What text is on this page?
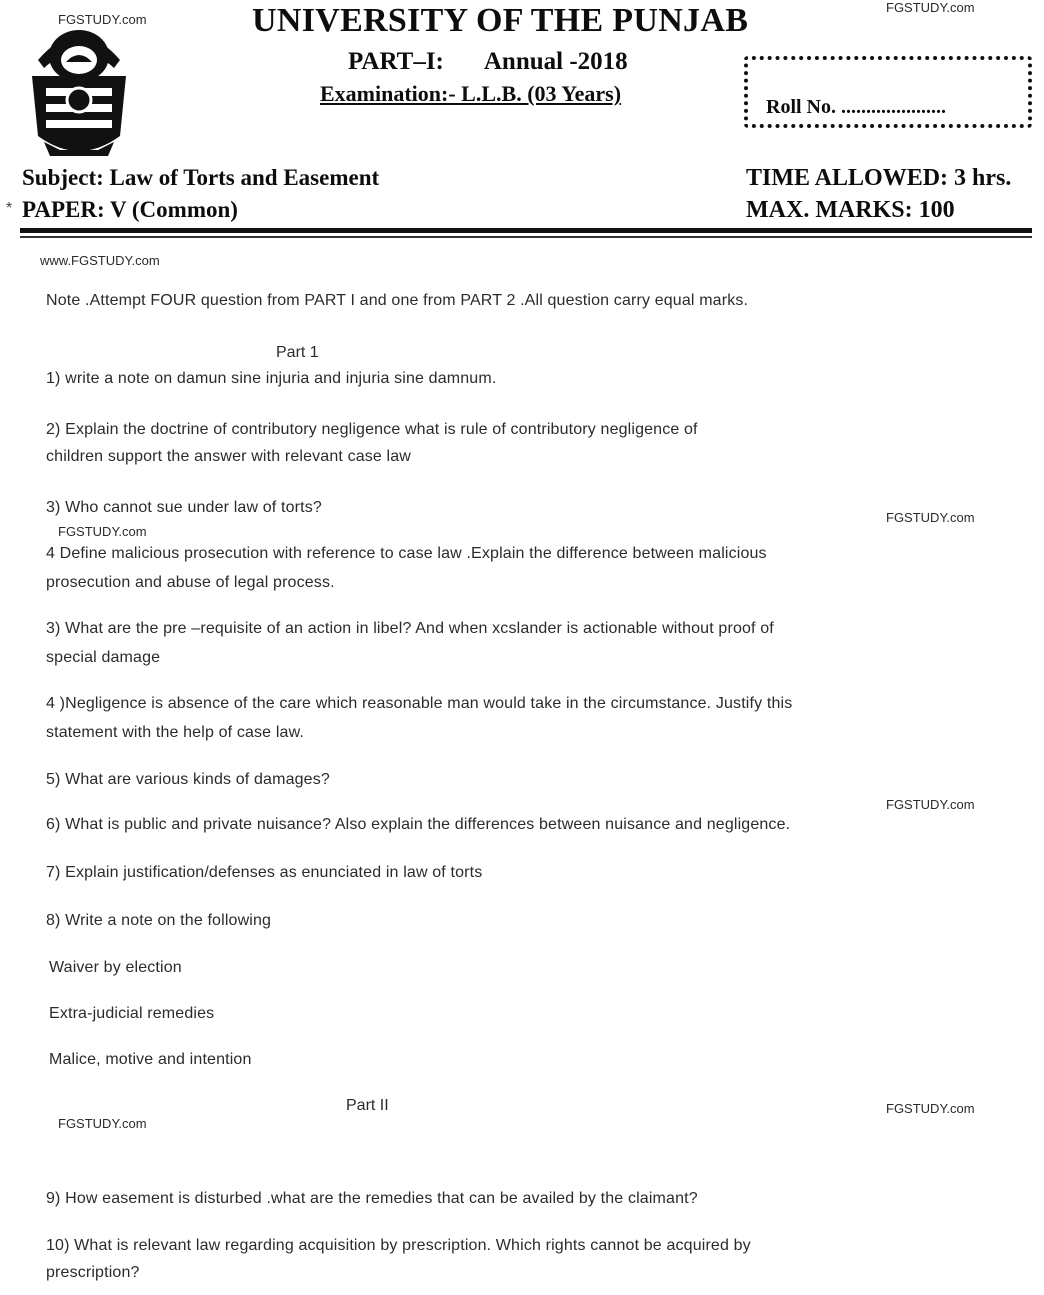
FGSTUDY.com
FGSTUDY.com
UNIVERSITY OF THE PUNJAB
PART–I: Annual -2018
Examination:- L.L.B. (03 Years)
Roll No. .....................
Subject: Law of Torts and Easement
* PAPER: V (Common)
TIME ALLOWED: 3 hrs.
MAX. MARKS: 100
www.FGSTUDY.com
Note .Attempt FOUR question from PART I and one from PART 2 .All question carry equal marks.
Part 1
1) write a note on damun sine injuria and injuria sine damnum.
2) Explain the doctrine of contributory negligence what is rule of contributory negligence of
children support the answer with relevant case law
3) Who cannot sue under law of torts?
FGSTUDY.com
FGSTUDY.com
4 Define malicious prosecution with reference to case law .Explain the difference between malicious
prosecution and abuse of legal process.
3) What are the pre –requisite of an action in libel? And when xcslander is actionable without proof of
special damage
4 )Negligence is absence of the care which reasonable man would take in the circumstance. Justify this
statement with the help of case law.
5) What are various kinds of damages?
FGSTUDY.com
6) What is public and private nuisance? Also explain the differences between nuisance and negligence.
7) Explain justification/defenses as enunciated in law of torts
8) Write a note on the following
Waiver by election
Extra-judicial remedies
Malice, motive and intention
Part II	FGSTUDY.com
FGSTUDY.com
9) How easement is disturbed .what are the remedies that can be availed by the claimant?
10) What is relevant law regarding acquisition by prescription. Which rights cannot be acquired by
prescription?
